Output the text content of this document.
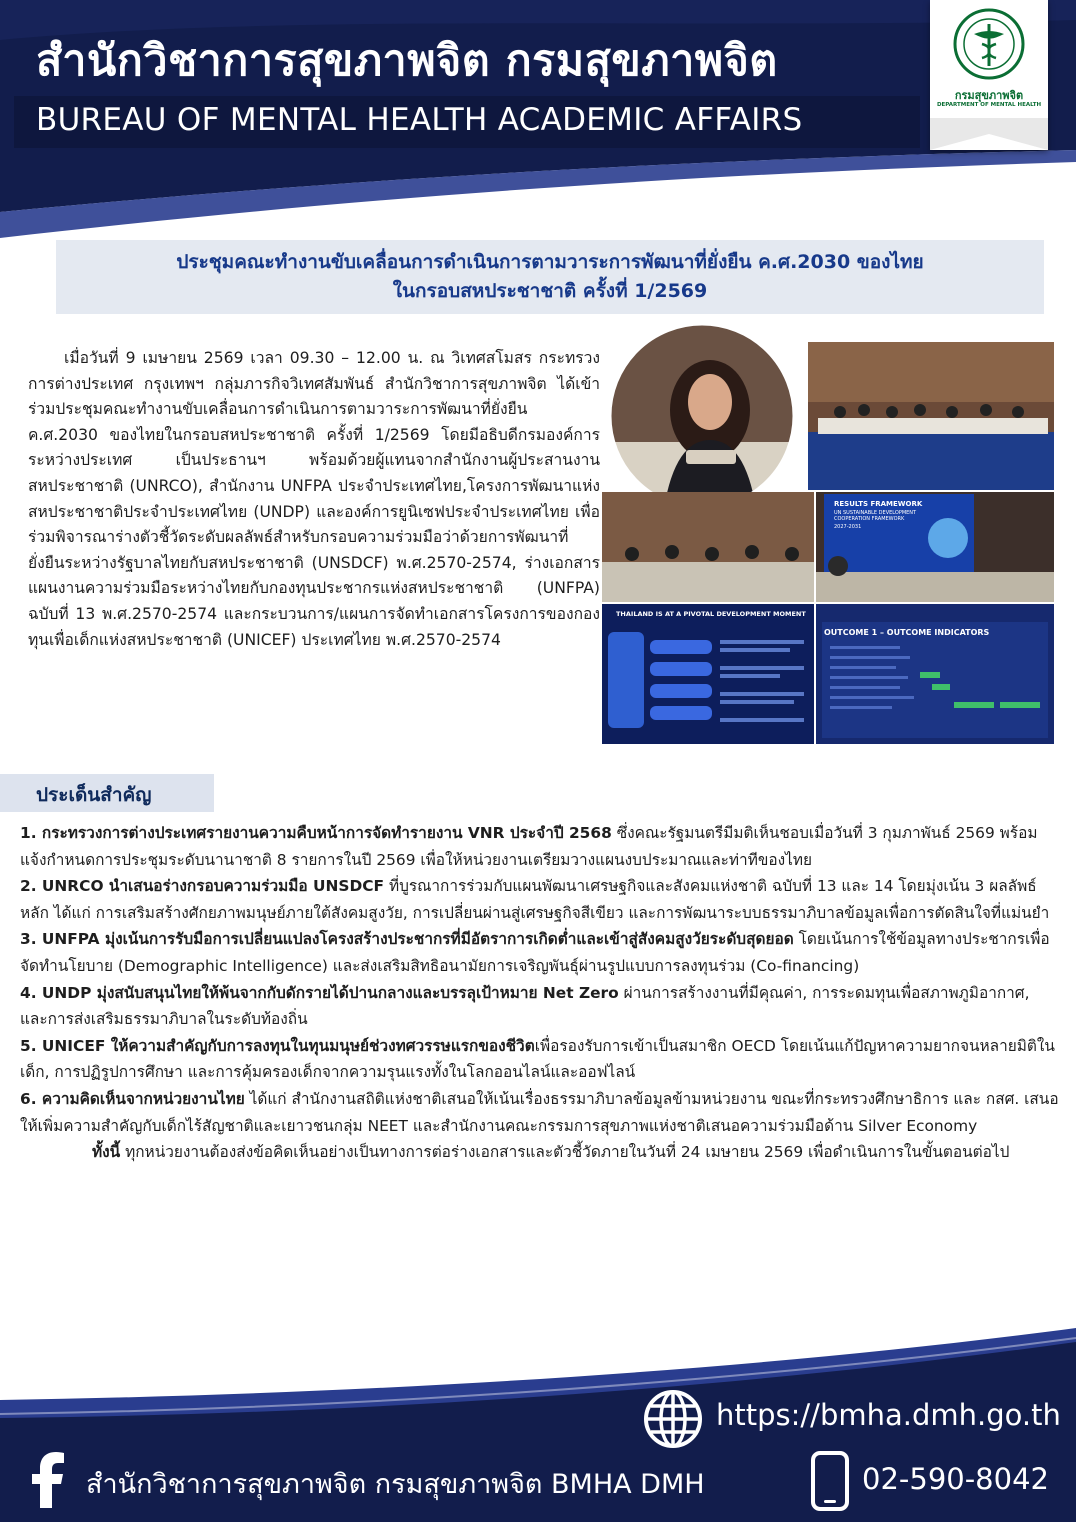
สำนักวิชาการสุขภาพจิต กรมสุขภาพจิต
BUREAU OF MENTAL HEALTH ACADEMIC AFFAIRS
กรมสุขภาพจิต
DEPARTMENT OF MENTAL HEALTH
ประชุมคณะทำงานขับเคลื่อนการดำเนินการตามวาระการพัฒนาที่ยั่งยืน ค.ศ.2030 ของไทย
ในกรอบสหประชาชาติ ครั้งที่ 1/2569
เมื่อวันที่ 9 เมษายน 2569 เวลา 09.30 – 12.00 น. ณ วิเทศสโมสร กระทรวงการต่างประเทศ กรุงเทพฯ กลุ่มภารกิจวิเทศสัมพันธ์ สำนักวิชาการสุขภาพจิต ได้เข้าร่วมประชุมคณะทำงานขับเคลื่อนการดำเนินการตามวาระการพัฒนาที่ยั่งยืน ค.ศ.2030 ของไทยในกรอบสหประชาชาติ ครั้งที่ 1/2569 โดยมีอธิบดีกรมองค์การระหว่างประเทศ เป็นประธานฯ พร้อมด้วยผู้แทนจากสำนักงานผู้ประสานงานสหประชาชาติ (UNRCO), สำนักงาน UNFPA ประจำประเทศไทย,โครงการพัฒนาแห่งสหประชาชาติประจำประเทศไทย (UNDP) และองค์การยูนิเซฟประจำประเทศไทย เพื่อร่วมพิจารณาร่างตัวชี้วัดระดับผลลัพธ์สำหรับกรอบความร่วมมือว่าด้วยการพัฒนาที่ยั่งยืนระหว่างรัฐบาลไทยกับสหประชาชาติ (UNSDCF) พ.ศ.2570-2574, ร่างเอกสารแผนงานความร่วมมือระหว่างไทยกับกองทุนประชากรแห่งสหประชาชาติ (UNFPA) ฉบับที่ 13 พ.ศ.2570-2574 และกระบวนการ/แผนการจัดทำเอกสารโครงการของกองทุนเพื่อเด็กแห่งสหประชาชาติ (UNICEF) ประเทศไทย พ.ศ.2570-2574
RESULTS FRAMEWORK
UN SUSTAINABLE DEVELOPMENT COOPERATION FRAMEWORK
2027-2031
THAILAND IS AT A PIVOTAL DEVELOPMENT MOMENT
OUTCOME 1 – OUTCOME INDICATORS
ประเด็นสำคัญ

1. กระทรวงการต่างประเทศรายงานความคืบหน้าการจัดทำรายงาน VNR ประจำปี 2568 ซึ่งคณะรัฐมนตรีมีมติเห็นชอบเมื่อวันที่ 3 กุมภาพันธ์ 2569 พร้อมแจ้งกำหนดการประชุมระดับนานาชาติ 8 รายการในปี 2569 เพื่อให้หน่วยงานเตรียมวางแผนงบประมาณและท่าทีของไทย

2. UNRCO นำเสนอร่างกรอบความร่วมมือ UNSDCF ที่บูรณาการร่วมกับแผนพัฒนาเศรษฐกิจและสังคมแห่งชาติ ฉบับที่ 13 และ 14 โดยมุ่งเน้น 3 ผลลัพธ์หลัก ได้แก่ การเสริมสร้างศักยภาพมนุษย์ภายใต้สังคมสูงวัย, การเปลี่ยนผ่านสู่เศรษฐกิจสีเขียว และการพัฒนาระบบธรรมาภิบาลข้อมูลเพื่อการตัดสินใจที่แม่นยำ

3. UNFPA มุ่งเน้นการรับมือการเปลี่ยนแปลงโครงสร้างประชากรที่มีอัตราการเกิดต่ำและเข้าสู่สังคมสูงวัยระดับสุดยอด โดยเน้นการใช้ข้อมูลทางประชากรเพื่อจัดทำนโยบาย (Demographic Intelligence) และส่งเสริมสิทธิอนามัยการเจริญพันธุ์ผ่านรูปแบบการลงทุนร่วม (Co-financing)

4. UNDP มุ่งสนับสนุนไทยให้พ้นจากกับดักรายได้ปานกลางและบรรลุเป้าหมาย Net Zero ผ่านการสร้างงานที่มีคุณค่า, การระดมทุนเพื่อสภาพภูมิอากาศ, และการส่งเสริมธรรมาภิบาลในระดับท้องถิ่น

5. UNICEF ให้ความสำคัญกับการลงทุนในทุนมนุษย์ช่วงทศวรรษแรกของชีวิตเพื่อรองรับการเข้าเป็นสมาชิก OECD โดยเน้นแก้ปัญหาความยากจนหลายมิติในเด็ก, การปฏิรูปการศึกษา และการคุ้มครองเด็กจากความรุนแรงทั้งในโลกออนไลน์และออฟไลน์

6. ความคิดเห็นจากหน่วยงานไทย ได้แก่ สำนักงานสถิติแห่งชาติเสนอให้เน้นเรื่องธรรมาภิบาลข้อมูลข้ามหน่วยงาน ขณะที่กระทรวงศึกษาธิการ และ กสศ. เสนอให้เพิ่มความสำคัญกับเด็กไร้สัญชาติและเยาวชนกลุ่ม NEET และสำนักงานคณะกรรมการสุขภาพแห่งชาติเสนอความร่วมมือด้าน Silver Economy

ทั้งนี้ ทุกหน่วยงานต้องส่งข้อคิดเห็นอย่างเป็นทางการต่อร่างเอกสารและตัวชี้วัดภายในวันที่ 24 เมษายน 2569 เพื่อดำเนินการในขั้นตอนต่อไป

https://bmha.dmh.go.th
สำนักวิชาการสุขภาพจิต กรมสุขภาพจิต BMHA DMH	02-590-8042
